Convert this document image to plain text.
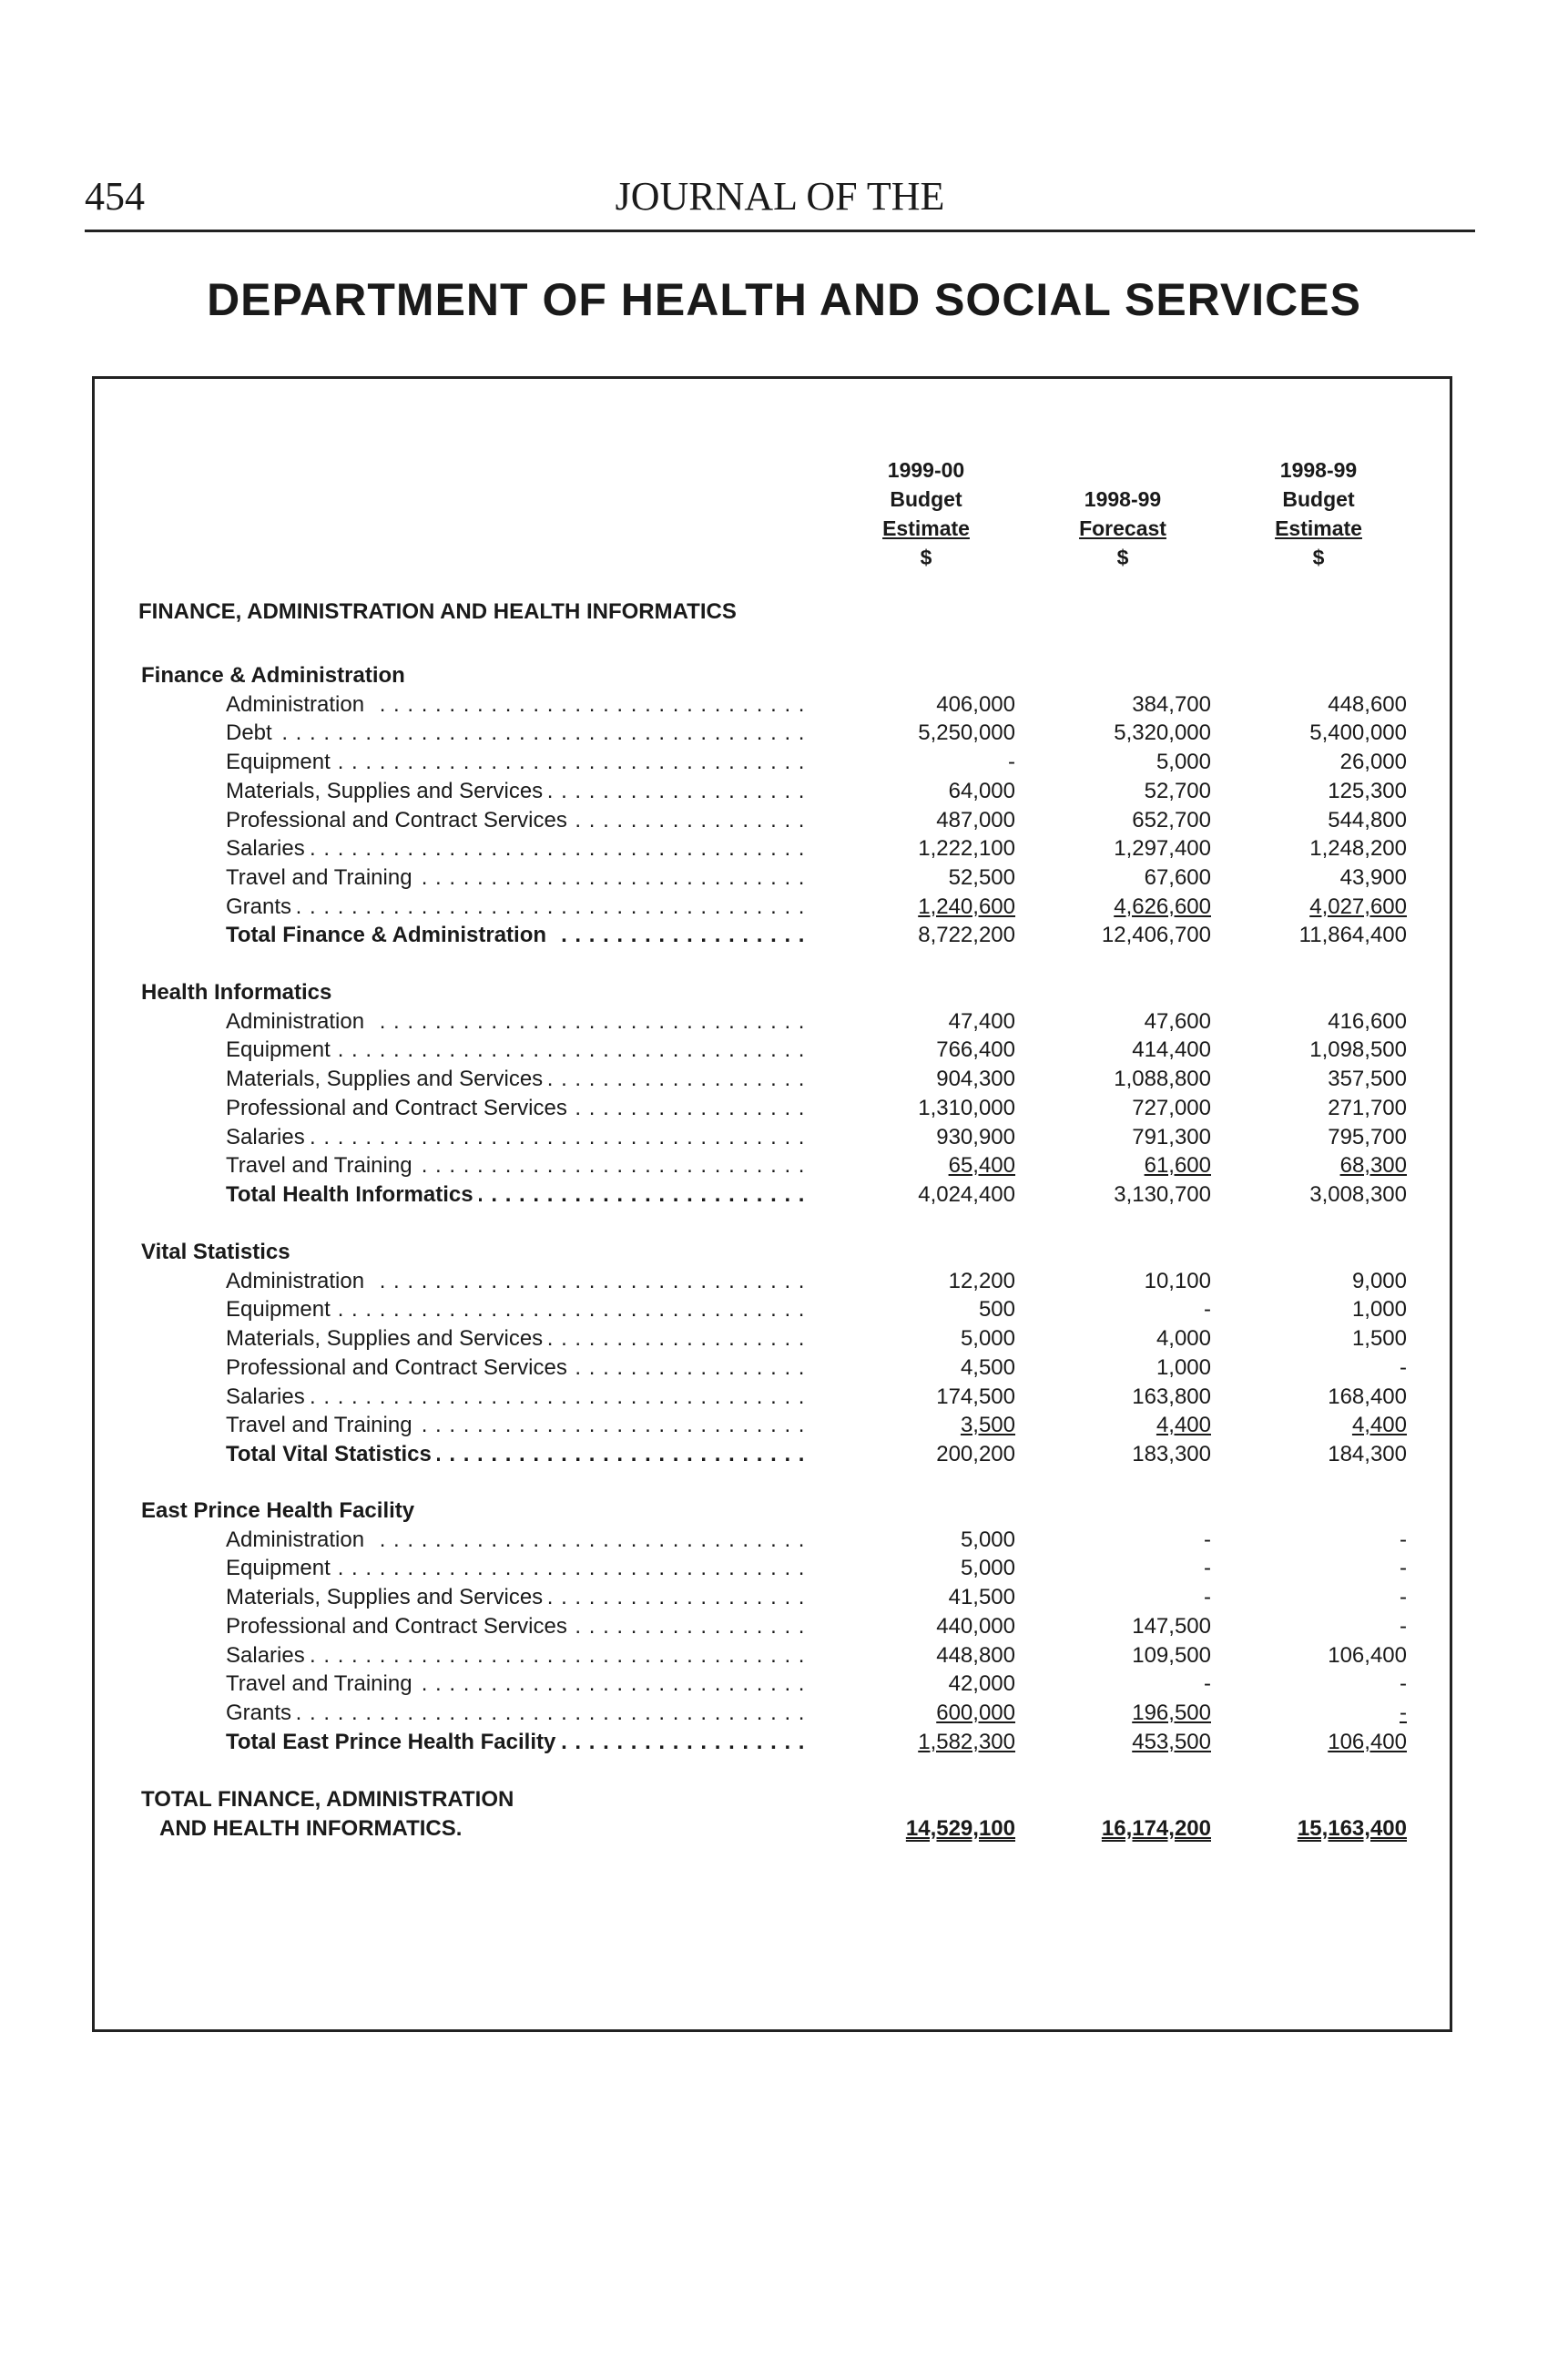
454	JOURNAL OF THE
DEPARTMENT OF HEALTH AND SOCIAL SERVICES
1999-00
Budget
Estimate
$

1998-99
Forecast
$
1998-99
Budget
Estimate
$
FINANCE, ADMINISTRATION AND HEALTH INFORMATICS
Finance & Administration
Administration . . .	406,000	384,700	448,600
Debt . . .	5,250,000	5,320,000	5,400,000
Equipment . . .	-	5,000	26,000
Materials, Supplies and Services . . .	64,000	52,700	125,300
Professional and Contract Services . . .	487,000	652,700	544,800
Salaries . . .	1,222,100	1,297,400	1,248,200
Travel and Training . . .	52,500	67,600	43,900
Grants . . .	1,240,600	4,626,600	4,027,600
Total Finance & Administration . . .	8,722,200	12,406,700	11,864,400
Health Informatics
Administration . . .	47,400	47,600	416,600
Equipment . . .	766,400	414,400	1,098,500
Materials, Supplies and Services . . .	904,300	1,088,800	357,500
Professional and Contract Services . . .	1,310,000	727,000	271,700
Salaries . . .	930,900	791,300	795,700
Travel and Training . . .	65,400	61,600	68,300
Total Health Informatics . . .	4,024,400	3,130,700	3,008,300
Vital Statistics
Administration . . .	12,200	10,100	9,000
Equipment . . .	500	-	1,000
Materials, Supplies and Services . . .	5,000	4,000	1,500
Professional and Contract Services . . .	4,500	1,000	-
Salaries . . .	174,500	163,800	168,400
Travel and Training . . .	3,500	4,400	4,400
Total Vital Statistics . . .	200,200	183,300	184,300
East Prince Health Facility
Administration . . .	5,000	-	-
Equipment . . .	5,000	-	-
Materials, Supplies and Services . . .	41,500	-	-
Professional and Contract Services . . .	440,000	147,500	-
Salaries . . .	448,800	109,500	106,400
Travel and Training . . .	42,000	-	-
Grants . . .	600,000	196,500	-
Total East Prince Health Facility . . .	1,582,300	453,500	106,400
TOTAL FINANCE, ADMINISTRATION
AND HEALTH INFORMATICS.	14,529,100	16,174,200	15,163,400
